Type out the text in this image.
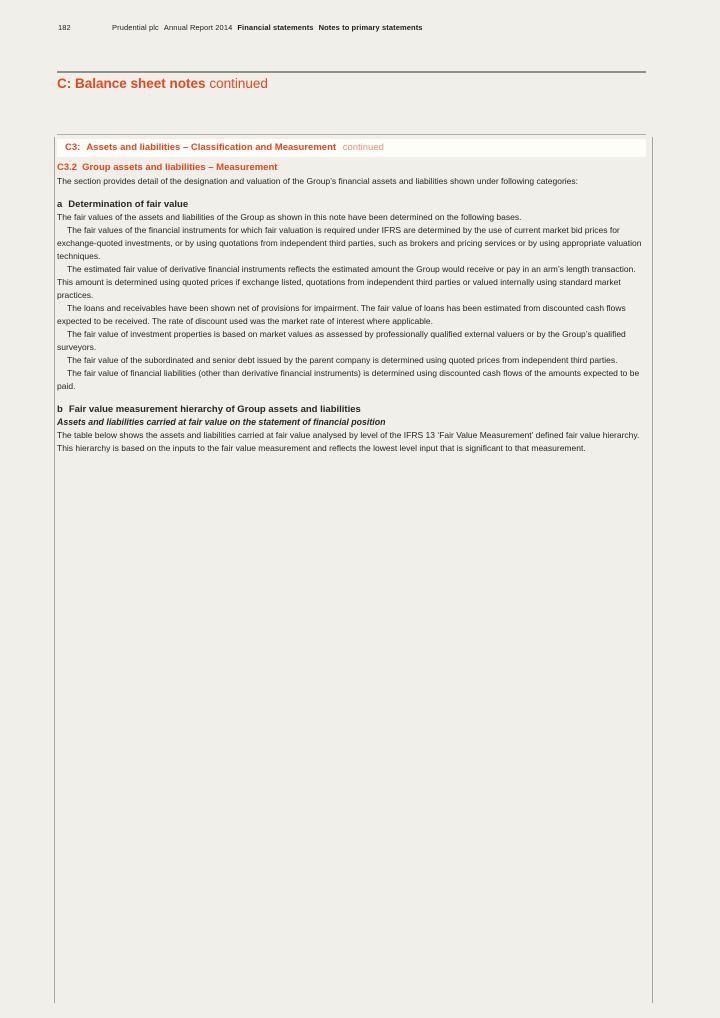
182	Prudential plc Annual Report 2014 Financial statements Notes to primary statements
C: Balance sheet notes continued
C3: Assets and liabilities – Classification and Measurement continued
C3.2 Group assets and liabilities – Measurement

The section provides detail of the designation and valuation of the Group’s financial assets and liabilities shown under following categories:

a Determination of fair value

The fair values of the assets and liabilities of the Group as shown in this note have been determined on the following bases.

The fair values of the financial instruments for which fair valuation is required under IFRS are determined by the use of current market bid prices for exchange-quoted investments, or by using quotations from independent third parties, such as brokers and pricing services or by using appropriate valuation techniques.

The estimated fair value of derivative financial instruments reflects the estimated amount the Group would receive or pay in an arm’s length transaction. This amount is determined using quoted prices if exchange listed, quotations from independent third parties or valued internally using standard market practices.

The loans and receivables have been shown net of provisions for impairment. The fair value of loans has been estimated from discounted cash flows expected to be received. The rate of discount used was the market rate of interest where applicable.

The fair value of investment properties is based on market values as assessed by professionally qualified external valuers or by the Group’s qualified surveyors.

The fair value of the subordinated and senior debt issued by the parent company is determined using quoted prices from independent third parties.

The fair value of financial liabilities (other than derivative financial instruments) is determined using discounted cash flows of the amounts expected to be paid.

b Fair value measurement hierarchy of Group assets and liabilities
Assets and liabilities carried at fair value on the statement of financial position

The table below shows the assets and liabilities carried at fair value analysed by level of the IFRS 13 ‘Fair Value Measurement’ defined fair value hierarchy. This hierarchy is based on the inputs to the fair value measurement and reflects the lowest level input that is significant to that measurement.
